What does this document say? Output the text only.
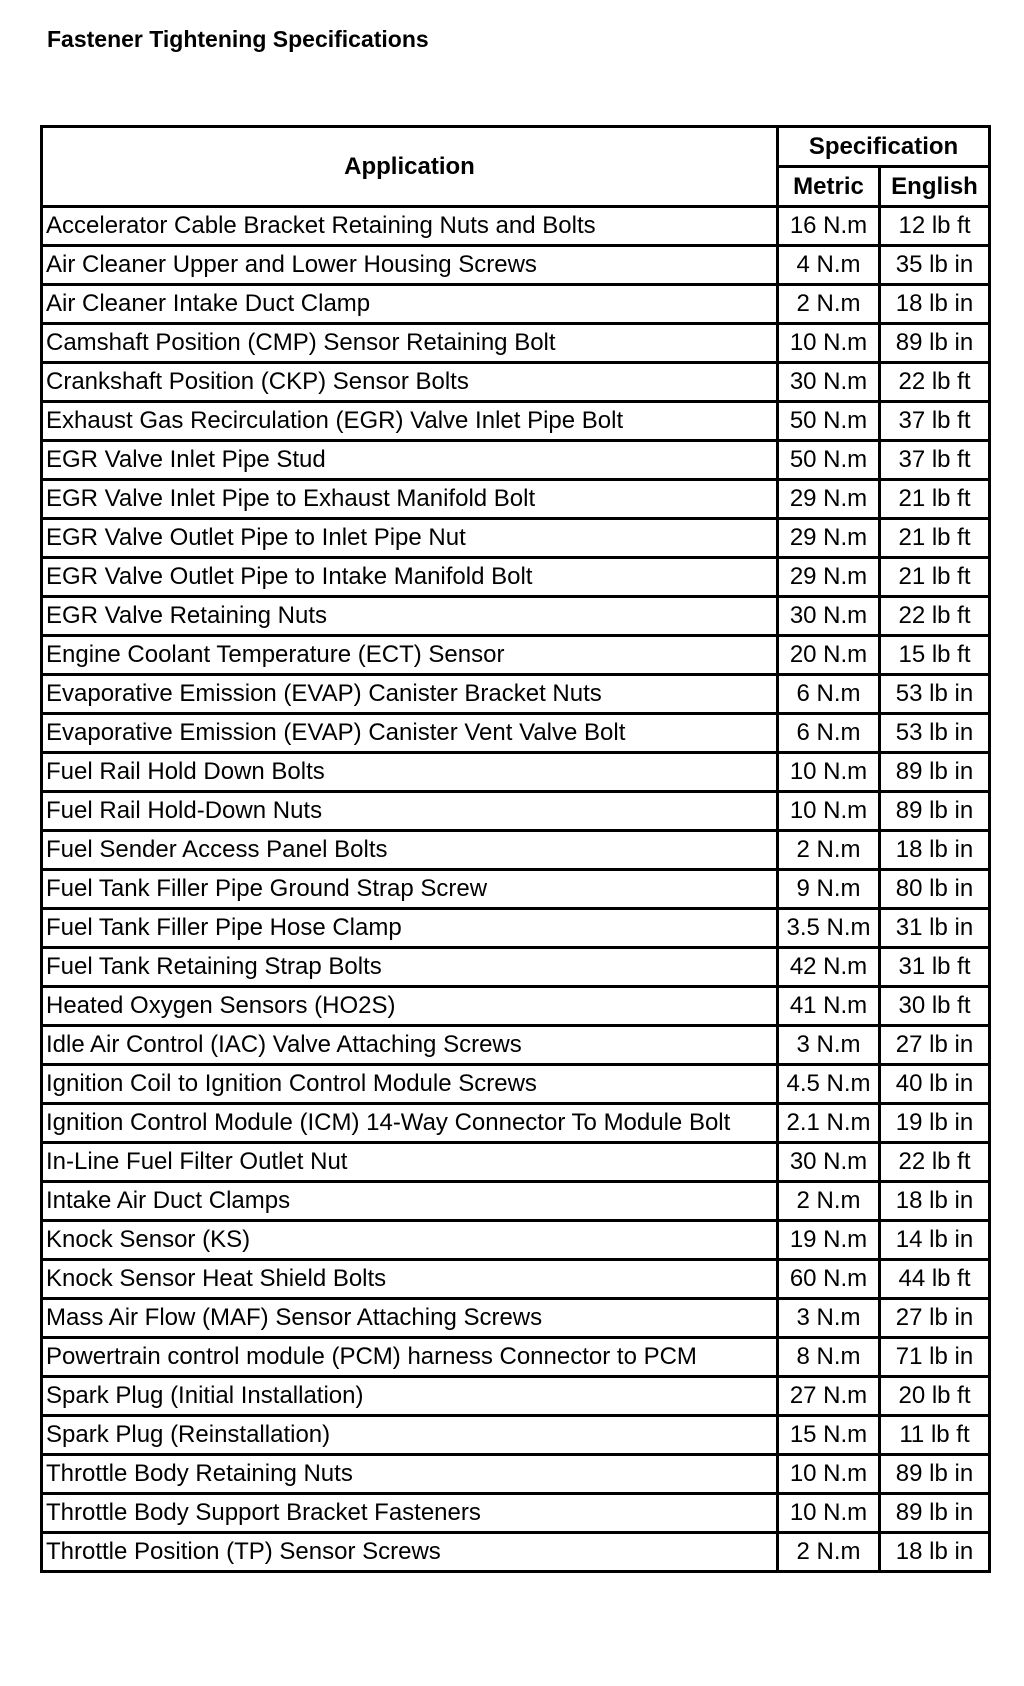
Fastener Tightening Specifications
Application	Specification	
	Metric	English
Accelerator Cable Bracket Retaining Nuts and Bolts	16 N.m	12 lb ft
Air Cleaner Upper and Lower Housing Screws	4 N.m	35 lb in
Air Cleaner Intake Duct Clamp	2 N.m	18 lb in
Camshaft Position (CMP) Sensor Retaining Bolt	10 N.m	89 lb in
Crankshaft Position (CKP) Sensor Bolts	30 N.m	22 lb ft
Exhaust Gas Recirculation (EGR) Valve Inlet Pipe Bolt	50 N.m	37 lb ft
EGR Valve Inlet Pipe Stud	50 N.m	37 lb ft
EGR Valve Inlet Pipe to Exhaust Manifold Bolt	29 N.m	21 lb ft
EGR Valve Outlet Pipe to Inlet Pipe Nut	29 N.m	21 lb ft
EGR Valve Outlet Pipe to Intake Manifold Bolt	29 N.m	21 lb ft
EGR Valve Retaining Nuts	30 N.m	22 lb ft
Engine Coolant Temperature (ECT) Sensor	20 N.m	15 lb ft
Evaporative Emission (EVAP) Canister Bracket Nuts	6 N.m	53 lb in
Evaporative Emission (EVAP) Canister Vent Valve Bolt	6 N.m	53 lb in
Fuel Rail Hold Down Bolts	10 N.m	89 lb in
Fuel Rail Hold-Down Nuts	10 N.m	89 lb in
Fuel Sender Access Panel Bolts	2 N.m	18 lb in
Fuel Tank Filler Pipe Ground Strap Screw	9 N.m	80 lb in
Fuel Tank Filler Pipe Hose Clamp	3.5 N.m	31 lb in
Fuel Tank Retaining Strap Bolts	42 N.m	31 lb ft
Heated Oxygen Sensors (HO2S)	41 N.m	30 lb ft
Idle Air Control (IAC) Valve Attaching Screws	3 N.m	27 lb in
Ignition Coil to Ignition Control Module Screws	4.5 N.m	40 lb in
Ignition Control Module (ICM) 14-Way Connector To Module Bolt	2.1 N.m	19 lb in
In-Line Fuel Filter Outlet Nut	30 N.m	22 lb ft
Intake Air Duct Clamps	2 N.m	18 lb in
Knock Sensor (KS)	19 N.m	14 lb in
Knock Sensor Heat Shield Bolts	60 N.m	44 lb ft
Mass Air Flow (MAF) Sensor Attaching Screws	3 N.m	27 lb in
Powertrain control module (PCM) harness Connector to PCM	8 N.m	71 lb in
Spark Plug (Initial Installation)	27 N.m	20 lb ft
Spark Plug (Reinstallation)	15 N.m	11 lb ft
Throttle Body Retaining Nuts	10 N.m	89 lb in
Throttle Body Support Bracket Fasteners	10 N.m	89 lb in
Throttle Position (TP) Sensor Screws	2 N.m	18 lb in
